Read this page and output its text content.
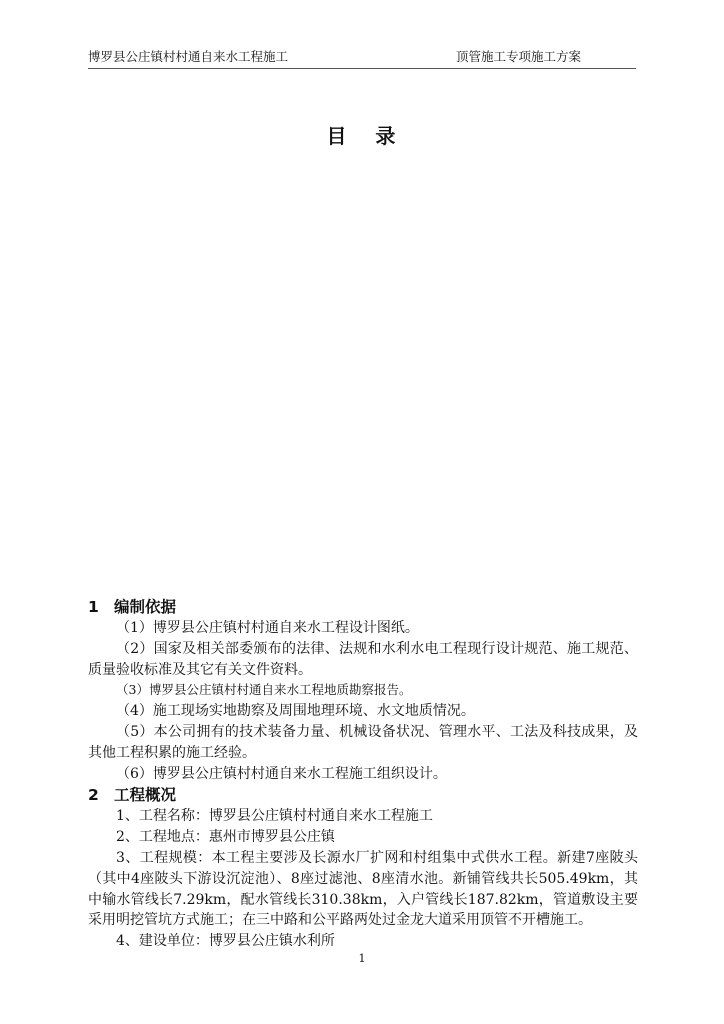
博罗县公庄镇村村通自来水工程施工	顶管施工专项施工方案
目   录
1 编制依据
（1）博罗县公庄镇村村通自来水工程设计图纸。
（2）国家及相关部委颁布的法律、法规和水利水电工程现行设计规范、施工规范、质量验收标准及其它有关文件资料。
（3）博罗县公庄镇村村通自来水工程地质勘察报告。
（4）施工现场实地勘察及周围地理环境、水文地质情况。
（5）本公司拥有的技术装备力量、机械设备状况、管理水平、工法及科技成果，及其他工程积累的施工经验。
（6）博罗县公庄镇村村通自来水工程施工组织设计。
2 工程概况
1、工程名称：博罗县公庄镇村村通自来水工程施工
2、工程地点：惠州市博罗县公庄镇
3、工程规模：本工程主要涉及长源水厂扩网和村组集中式供水工程。新建7座陂头（其中4座陂头下游设沉淀池）、8座过滤池、8座清水池。新铺管线共长505.49km，其中输水管线长7.29km，配水管线长310.38km，入户管线长187.82km，管道敷设主要采用明挖管坑方式施工；在三中路和公平路两处过金龙大道采用顶管不开槽施工。
4、建设单位：博罗县公庄镇水利所
1
